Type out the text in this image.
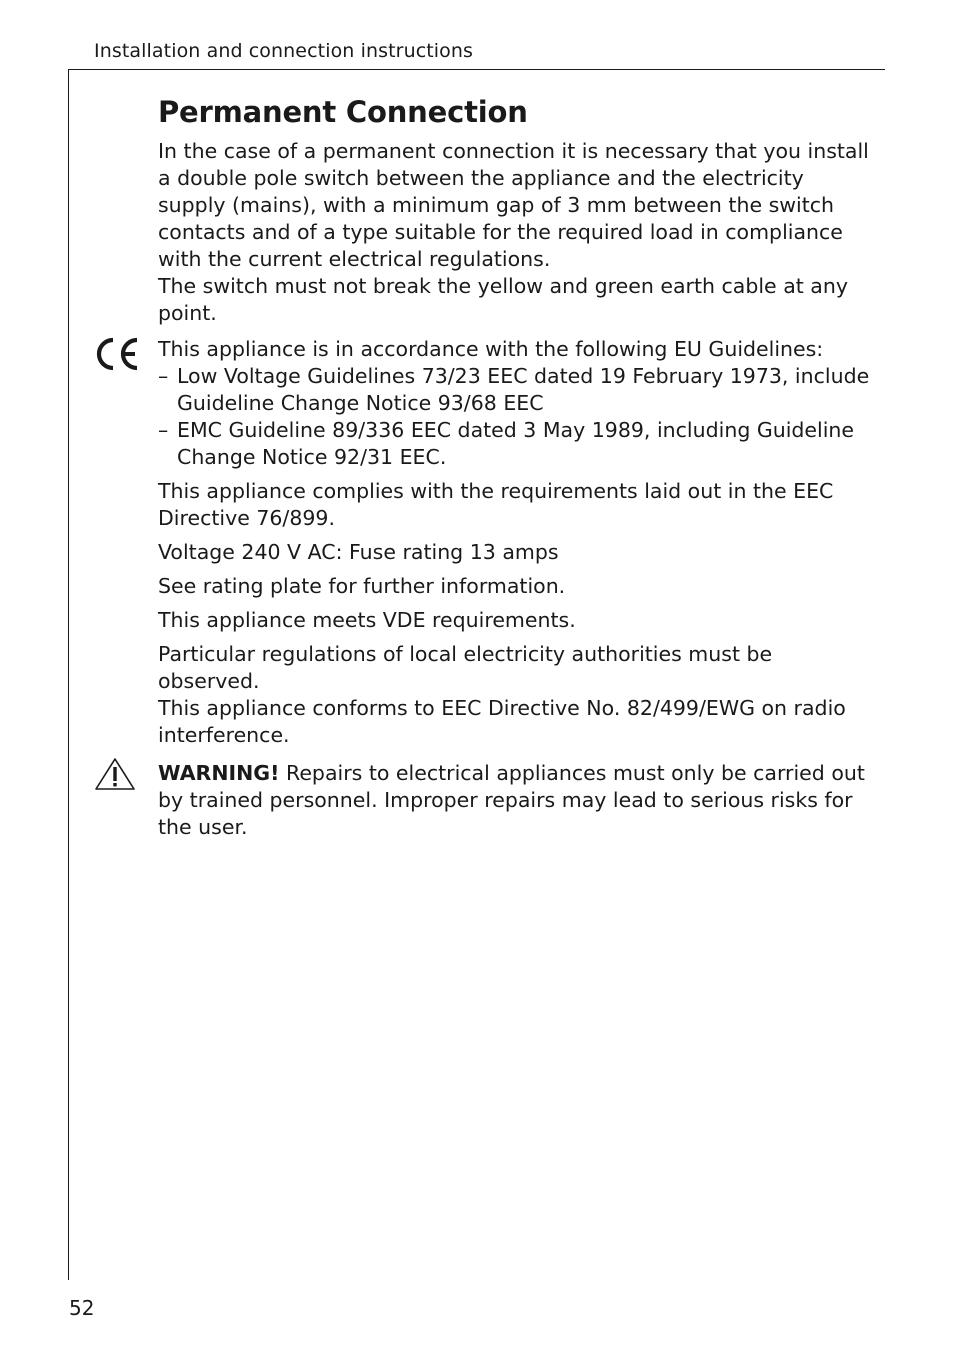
Installation and connection instructions
Permanent Connection

In the case of a permanent connection it is necessary that you install a double pole switch between the appliance and the electricity supply (mains), with a minimum gap of 3 mm between the switch contacts and of a type suitable for the required load in compliance with the current electrical regulations.

The switch must not break the yellow and green earth cable at any point.

This appliance is in accordance with the following EU Guidelines:

– Low Voltage Guidelines 73/23 EEC dated 19 February 1973, include Guideline Change Notice 93/68 EEC
– EMC Guideline 89/336 EEC dated 3 May 1989, including Guideline Change Notice 92/31 EEC.

This appliance complies with the requirements laid out in the EEC Directive 76/899.

Voltage 240 V AC: Fuse rating 13 amps

See rating plate for further information.

This appliance meets VDE requirements.

Particular regulations of local electricity authorities must be observed.

This appliance conforms to EEC Directive No. 82/499/EWG on radio interference.

WARNING! Repairs to electrical appliances must only be carried out by trained personnel. Improper repairs may lead to serious risks for the user.

52
